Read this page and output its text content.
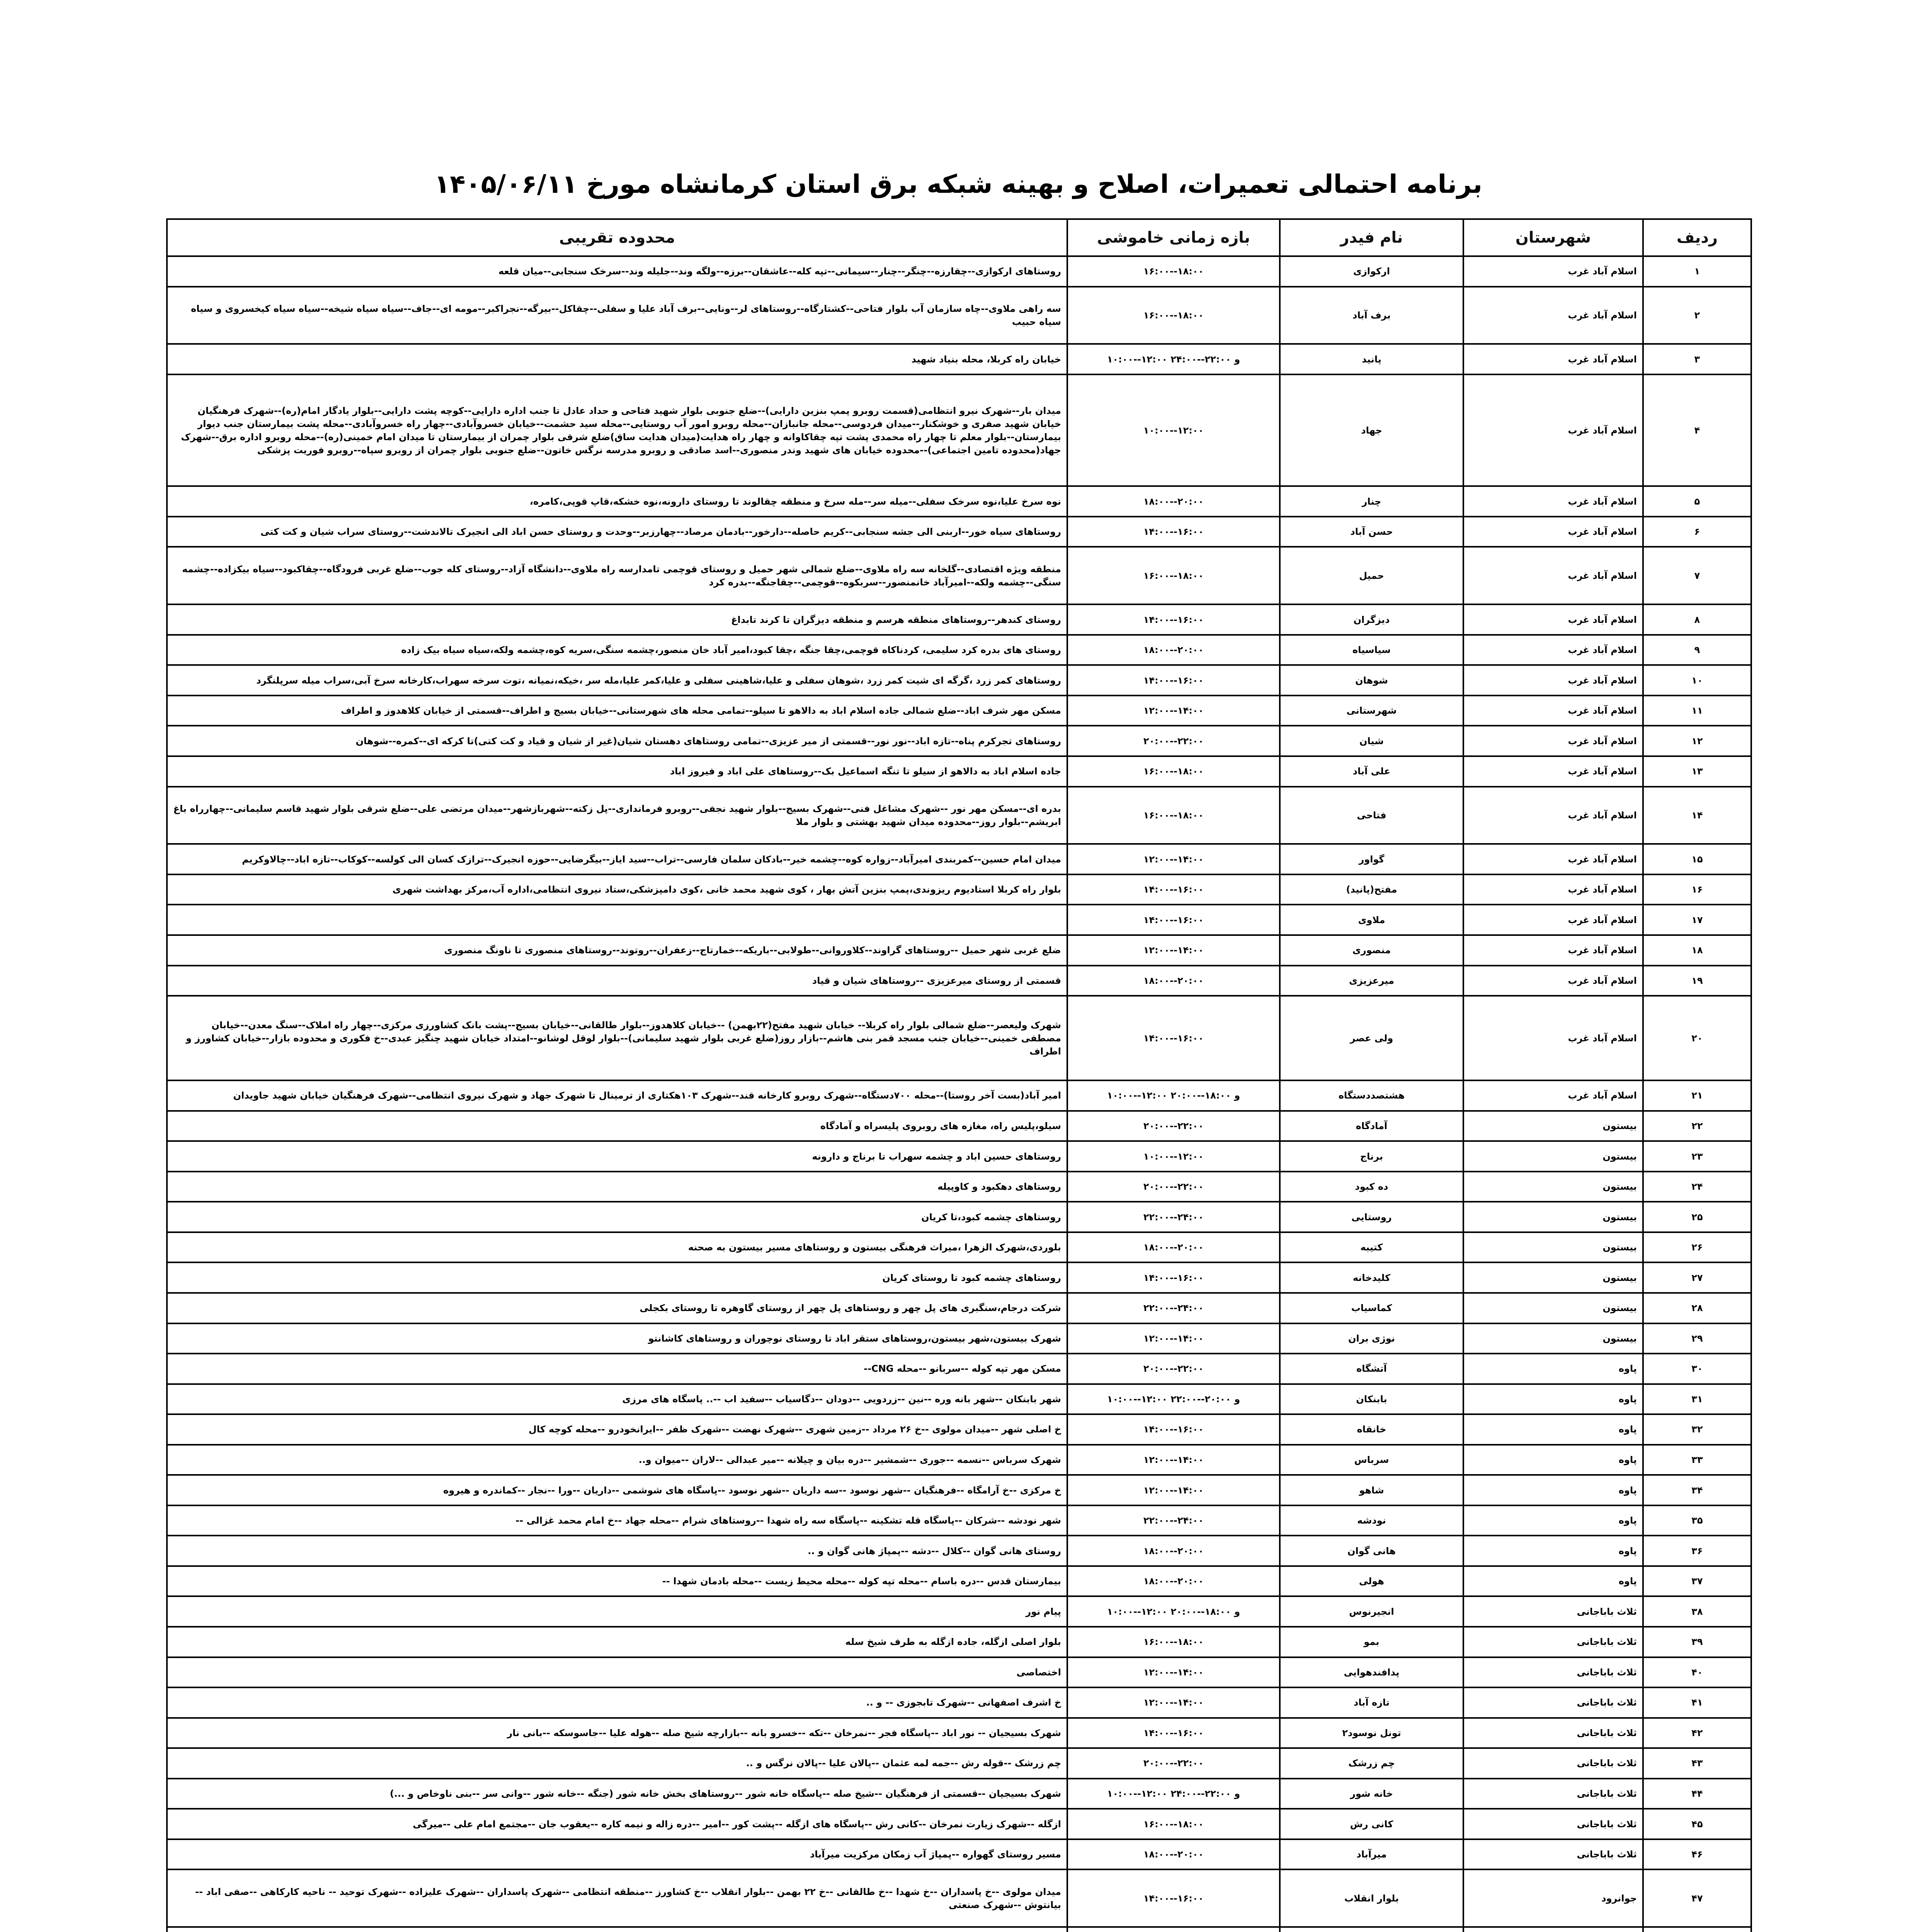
برنامه احتمالی تعمیرات، اصلاح و بهینه شبکه برق استان کرمانشاه مورخ ۱۴۰۵/۰۶/۱۱
ردیف	شهرستان	نام فیدر	بازه زمانی خاموشی	محدوده تقریبی
۱	اسلام آباد غرب	ارکوازی	۱۶:۰۰--۱۸:۰۰	روستاهای ارکوازی--چقارزه--چنگر--چنار--سیمانی--تپه کله--عاشقان--برزه--ولگه وند--جلیله وند--سرخک سنجابی--میان قلعه
۲	اسلام آباد غرب	برف آباد	۱۶:۰۰--۱۸:۰۰	سه راهی ملاوی--چاه سازمان آب بلوار فتاحی--کشتارگاه--روستاهای لر--ونایی--برف آباد علیا و سفلی--چقاکل--بیرگه--نجراکبر--مومه ای--جاف--سیاه سیاه شیخه--سیاه سیاه کیخسروی و سیاه سیاه حبیب
۳	اسلام آباد غرب	پانید	۱۰:۰۰--۱۲:۰۰ و ۲۲:۰۰--۲۴:۰۰	خیابان راه کربلا، محله بنیاد شهید
۴	اسلام آباد غرب	جهاد	۱۰:۰۰--۱۲:۰۰	میدان بار--شهرک نیرو انتظامی(قسمت روبرو پمپ بنزین دارایی)--ضلع جنوبی بلوار شهید فتاحی و حداد عادل تا جنب اداره دارایی--کوچه پشت دارایی--بلوار یادگار امام(ره)--شهرک فرهنگیان خیابان شهید صفری و خوشکنار--میدان فردوسی--محله جانبازان--محله روبرو امور آب روستایی--محله سید حشمت--خیابان خسروآبادی--چهار راه خسروآبادی--محله پشت بیمارستان جنب دیوار بیمارستان--بلوار معلم تا چهار راه محمدی پشت تپه چقاکاوانه و چهار راه هدایت(میدان هدایت ساق)ضلع شرقی بلوار چمران از بیمارستان تا میدان امام خمینی(ره)--محله روبرو اداره برق--شهرک جهاد(محدوده تامین اجتماعی)--محدوده خیابان های شهید وندر منصوری--اسد صادقی و روبرو مدرسه نرگس خاتون--ضلع جنوبی بلوار چمران از روبرو سپاه--روبرو فوریت پزشکی
۵	اسلام آباد غرب	چنار	۱۸:۰۰--۲۰:۰۰	نوه سرخ علیا،نوه سرخک سفلی--میله سر--مله سرخ و منطقه چقالوند تا روستای دارونه،نوه خشکه،قاپ قوپی،کامره،
۶	اسلام آباد غرب	حسن آباد	۱۴:۰۰--۱۶:۰۰	روستاهای سیاه خور--اربنی الی جشه سنجابی--کریم حاصله--دارخور--بادمان مرصاد--چهارزبر--وحدت و روستای حسن اباد الی انجیرک تالاندشت--روستای سراب شیان و کت کتی
۷	اسلام آباد غرب	حمیل	۱۶:۰۰--۱۸:۰۰	منطقه ویژه اقتصادی--گلخانه سه راه ملاوی--ضلع شمالی شهر حمیل و روستای قوچمی تامدارسه راه ملاوی--دانشگاه آزاد--روستای کله جوب--ضلع غربی فرودگاه--چقاکبود--سیاه بیکزاده--چشمه سنگی--چشمه ولکه--امیرآباد خانمنصور--سربکوه--قوچمی--چقاجنگه--بدره کرد
۸	اسلام آباد غرب	دیزگران	۱۴:۰۰--۱۶:۰۰	روستای کندهر--روستاهای منطقه هرسم و منطقه دیزگران تا کرند تابداغ
۹	اسلام آباد غرب	سیاسیاه	۱۸:۰۰--۲۰:۰۰	روستای های بدره کرد سلیمی، کردناکاه قوچمی،چقا جنگه ،چقا کبود،امیر آباد خان منصور،چشمه سنگی،سریه کوه،چشمه ولکه،سیاه سیاه بیک زاده
۱۰	اسلام آباد غرب	شوهان	۱۴:۰۰--۱۶:۰۰	روستاهای کمر زرد ،گرگه ای شیت کمر زرد ،شوهان سفلی و علیا،شاهینی سفلی و علیا،کمر علیا،مله سر ،خیکه،نمیانه ،توت سرخه سهراب،کارخانه سرخ آبی،سراب میله سرپلنگرد
۱۱	اسلام آباد غرب	شهرستانی	۱۲:۰۰--۱۴:۰۰	مسکن مهر شرف اباد--ضلع شمالی جاده اسلام اباد به دالاهو تا سیلو--تمامی محله های شهرستانی--خیابان بسیج و اطراف--قسمتی از خیابان کلاهدوز و اطراف
۱۲	اسلام آباد غرب	شیان	۲۰:۰۰--۲۲:۰۰	روستاهای تجرکرم پناه--تازه اباد--نور نور--قسمتی از میر عزیزی--تمامی روستاهای دهستان شیان(غیر از شیان و قیاد و کت کتی)تا کرکه ای--کمره--شوهان
۱۳	اسلام آباد غرب	علی آباد	۱۶:۰۰--۱۸:۰۰	جاده اسلام اباد به دالاهو از سیلو تا تنگه اسماعیل بک--روستاهای علی اباد و فیروز اباد
۱۴	اسلام آباد غرب	فتاحی	۱۶:۰۰--۱۸:۰۰	بدره ای--مسکن مهر نور --شهرک مشاغل فنی--شهرک بسیج--بلوار شهید نجفی--روبرو فرمانداری--پل زکته--شهربازشهر--میدان مرتضی علی--ضلع شرقی بلوار شهید قاسم سلیمانی--چهارراه باغ ابریشم--بلوار روز--محدوده میدان شهید بهشتی و بلوار ملا
۱۵	اسلام آباد غرب	گواور	۱۲:۰۰--۱۴:۰۰	میدان امام حسین--کمربندی امیرآباد--زواره کوه--چشمه خیر--بادکان سلمان فارسی--تراب--سید ایاز--بیگرضایی--حوزه انجیرک--ترازک کسان الی کولسه--کوکاب--تازه اباد--چالاوکریم
۱۶	اسلام آباد غرب	مفتح(پانید)	۱۴:۰۰--۱۶:۰۰	بلوار راه کربلا استادیوم ریزوندی،پمپ بنزین آتش بهار ، کوی شهید محمد خانی ،کوی دامپزشکی،ستاد نیروی انتظامی،اداره آب،مرکز بهداشت شهری
۱۷	اسلام آباد غرب	ملاوی	۱۴:۰۰--۱۶:۰۰	
۱۸	اسلام آباد غرب	منصوری	۱۲:۰۰--۱۴:۰۰	ضلع غربی شهر حمیل --روستاهای گراوند--کلاوروانی--طولابی--باریکه--خمارتاج--زعفران--روتوند--روستاهای منصوری تا ناونگ منصوری
۱۹	اسلام آباد غرب	میرعزیزی	۱۸:۰۰--۲۰:۰۰	قسمتی از روستای میرعزیزی --روستاهای شیان و قیاد
۲۰	اسلام آباد غرب	ولی عصر	۱۴:۰۰--۱۶:۰۰	شهرک ولیعصر--ضلع شمالی بلوار راه کربلا-- خیابان شهید مفتح(۲۲بهمن) --خیابان کلاهدوز--بلوار طالقانی--خیابان بسیج--پشت بانک کشاورزی مرکزی--چهار راه املاک--سنگ معدن--خیابان مصطفی خمینی--خیابان جنب مسجد قمر بنی هاشم--بازار روز(ضلع غربی بلوار شهید سلیمانی)--بلوار لوقل لوشانو--امتداد خیابان شهید چنگیز عبدی--خ فکوری و محدوده بازار--خیابان کشاورز و اطراف
۲۱	اسلام آباد غرب	هشتصددستگاه	۱۰:۰۰--۱۲:۰۰ و ۱۸:۰۰--۲۰:۰۰	امیر آباد(بست آخر روستا)--محله ۷۰۰دستگاه--شهرک روبرو کارخانه قند--شهرک ۱۰۳هکتاری از ترمینال تا شهرک جهاد و شهرک نیروی انتظامی--شهرک فرهنگیان خیابان شهید جاویدان
۲۲	بیستون	آمادگاه	۲۰:۰۰--۲۲:۰۰	سیلو،پلیس راه، مغازه های روبروی پلیسراه و آمادگاه
۲۳	بیستون	برناج	۱۰:۰۰--۱۲:۰۰	روستاهای حسین اباد و چشمه سهراب تا برناج و دارونه
۲۴	بیستون	ده کبود	۲۰:۰۰--۲۲:۰۰	روستاهای دهکبود و کاوپیله
۲۵	بیستون	روستایی	۲۲:۰۰--۲۴:۰۰	روستاهای چشمه کبود،تا کریان
۲۶	بیستون	کتیبه	۱۸:۰۰--۲۰:۰۰	بلوردی،شهرک الزهرا ،میراث فرهنگی بیستون و روستاهای مسیر بیستون به صحنه
۲۷	بیستون	کلیدخانه	۱۴:۰۰--۱۶:۰۰	روستاهای چشمه کبود تا روستای کریان
۲۸	بیستون	کماسیاب	۲۲:۰۰--۲۴:۰۰	شرکت درجام،سنگبری های پل چهر و روستاهای پل چهر از روستای گاوهره تا روستای بکجلی
۲۹	بیستون	نوژی بران	۱۲:۰۰--۱۴:۰۰	شهرک بیستون،شهر بیستون،روستاهای ستقر اباد تا روستای نوچوران و روستاهای کاشانتو
۳۰	پاوه	آتشگاه	۲۰:۰۰--۲۲:۰۰	مسکن مهر تپه کوله --سربانو --محله CNG--
۳۱	پاوه	بابنکان	۱۰:۰۰--۱۲:۰۰ و ۲۰:۰۰--۲۲:۰۰	شهر بابنکان --شهر بانه وره --نین --زردویی --دودان --دگاسیاب --سفید اب --.. پاسگاه های مرزی
۳۲	پاوه	خانقاه	۱۴:۰۰--۱۶:۰۰	خ اصلی شهر --میدان مولوی --خ ۲۶ مرداد --زمین شهری --شهرک نهضت --شهرک ظفر --ایرانخودرو --محله کوچه کال
۳۳	پاوه	سرباس	۱۲:۰۰--۱۴:۰۰	شهرک سرباس --نسمه --جوری --شمشیر --دره بیان و چیلانه --میر عبدالی --لاران --میوان و..
۳۴	پاوه	شاهو	۱۲:۰۰--۱۴:۰۰	خ مرکزی --خ آرامگاه --فرهنگیان --شهر نوسود --سه داریان --شهر نوسود --پاسگاه های شوشمی --داریان --ورا --نجار --کماندره و هیروه
۳۵	پاوه	نودشه	۲۲:۰۰--۲۴:۰۰	شهر نودشه --شرکان --پاسگاه قله تشکینه --پاسگاه سه راه شهدا --روستاهای شرام --محله جهاد --خ امام محمد غزالی --
۳۶	پاوه	هانی گوان	۱۸:۰۰--۲۰:۰۰	روستای هانی گوان --کلال --دشه --پمپاژ هانی گوان و ..
۳۷	پاوه	هولی	۱۸:۰۰--۲۰:۰۰	بیمارستان قدس --دره باسام --محله تپه کوله --محله محیط زیست --محله بادمان شهدا --
۳۸	ثلاث باباجانی	انجیرنوس	۱۰:۰۰--۱۲:۰۰ و ۱۸:۰۰--۲۰:۰۰	پیام نور
۳۹	ثلاث باباجانی	بمو	۱۶:۰۰--۱۸:۰۰	بلوار اصلی ازگله، جاده ازگله به طرف شیخ سله
۴۰	ثلاث باباجانی	پدافندهوایی	۱۲:۰۰--۱۴:۰۰	اختصاصی
۴۱	ثلاث باباجانی	تازه آباد	۱۲:۰۰--۱۴:۰۰	خ اشرف اصفهانی --شهرک تابجوزی -- و ..
۴۲	ثلاث باباجانی	تونل نوسود۲	۱۴:۰۰--۱۶:۰۰	شهرک بسیجیان -- نور اباد --پاسگاه فجر --نمرخان --تکه --خسرو بانه --بازارچه شیخ صله --هوله علیا --جاسوسکه --بانی نار
۴۳	ثلاث باباجانی	چم زرشک	۲۰:۰۰--۲۲:۰۰	چم زرشک --قوله رش --جمه لمه عثمان --پالان علیا --پالان نرگس و ..
۴۴	ثلاث باباجانی	خانه شور	۱۰:۰۰--۱۲:۰۰ و ۲۲:۰۰--۲۴:۰۰	شهرک بسیجیان --قسمتی از فرهنگیان --شیخ صله --پاسگاه خانه شور --روستاهای بخش خانه شور (جنگه --خانه شور --وانی سر --بنی ناوخاص و ...)
۴۵	ثلاث باباجانی	کانی رش	۱۶:۰۰--۱۸:۰۰	ازگله --شهرک زیارت نمرخان --کانی رش --پاسگاه های ازگله --پشت کور --امیر --دره زاله و نیمه کاره --یعقوب جان --مجتمع امام علی --میرگی
۴۶	ثلاث باباجانی	میرآباد	۱۸:۰۰--۲۰:۰۰	مسیر روستای گهواره --پمپاژ آب زمکان مرکزیت میرآباد
۴۷	جوانرود	بلوار انقلاب	۱۴:۰۰--۱۶:۰۰	میدان مولوی --خ پاسداران --خ شهدا --خ طالقانی --خ ۲۲ بهمن --بلوار انقلاب --خ کشاورز --منطقه انتظامی --شهرک پاسداران --شهرک علیزاده --شهرک توحید -- ناحیه کارکاهی --صفی اباد --بیانتوش --شهرک صنعتی
